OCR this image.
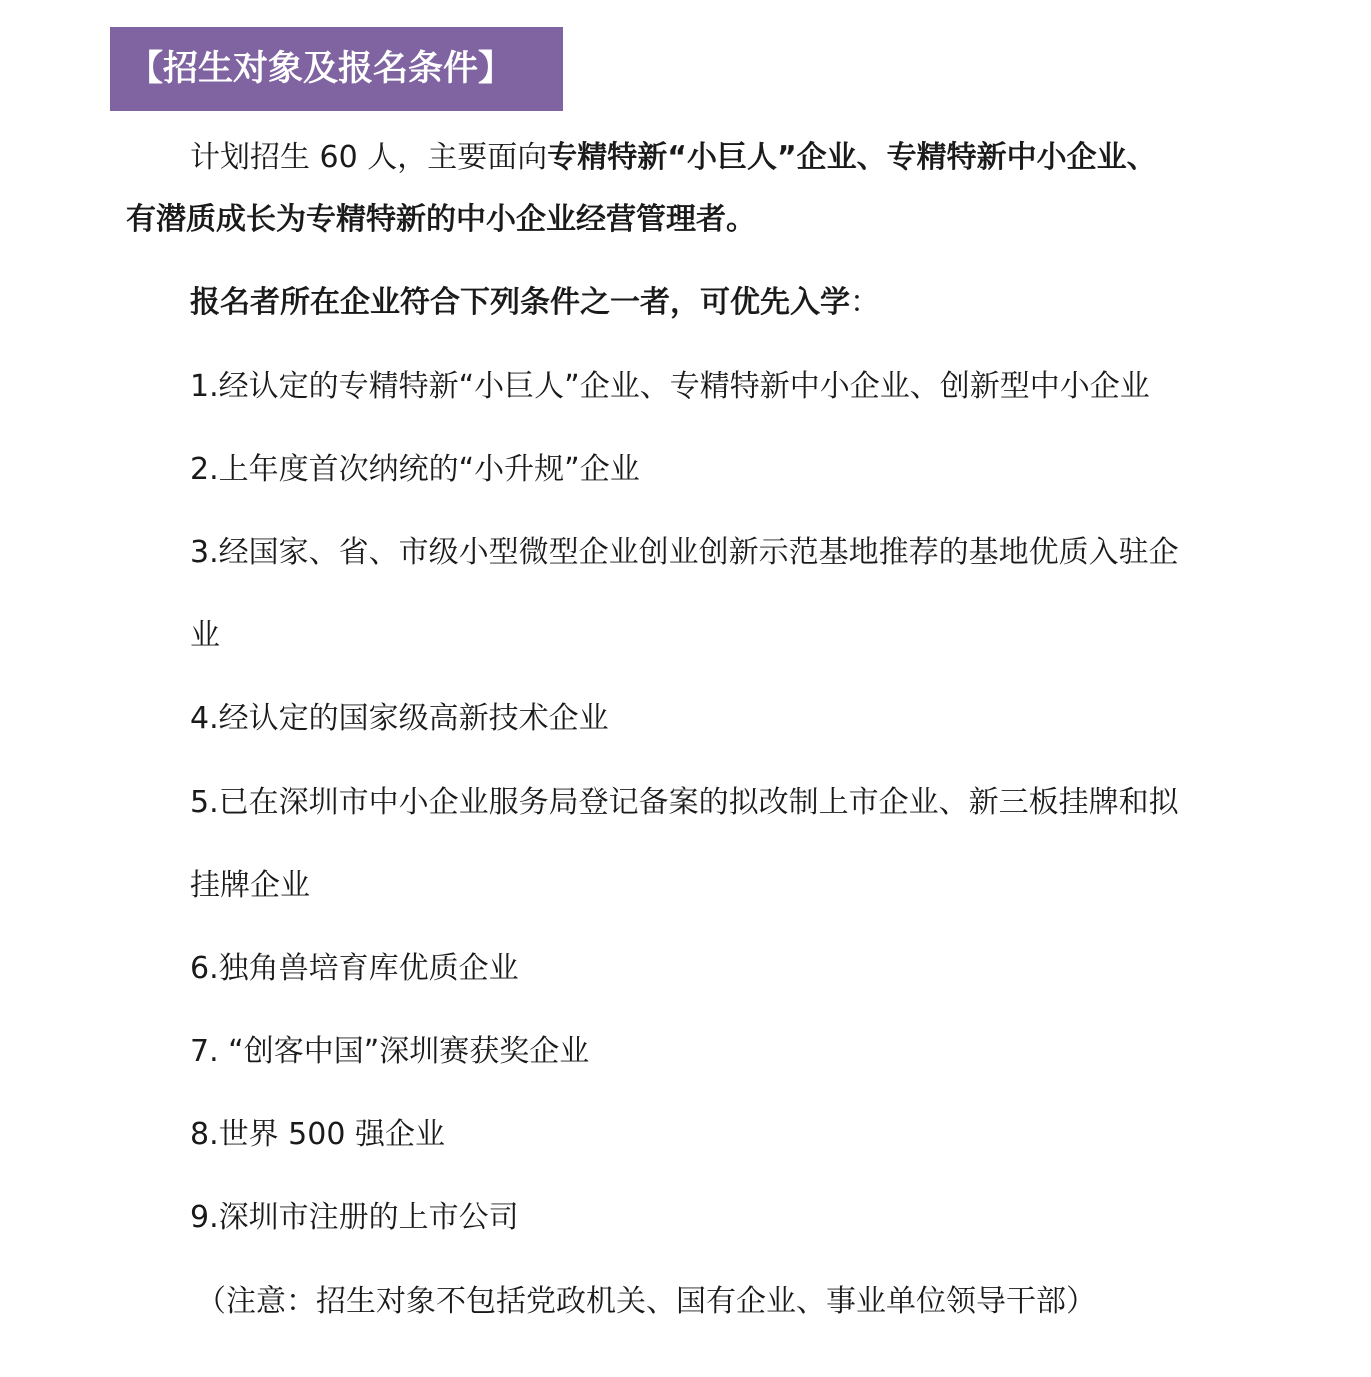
【招生对象及报名条件】
计划招生 60 人，主要面向专精特新“小巨人”企业、专精特新中小企业、
有潜质成长为专精特新的中小企业经营管理者。
报名者所在企业符合下列条件之一者，可优先入学：
1.经认定的专精特新“小巨人”企业、专精特新中小企业、创新型中小企业
2.上年度首次纳统的“小升规”企业
3.经国家、省、市级小型微型企业创业创新示范基地推荐的基地优质入驻企
业
4.经认定的国家级高新技术企业
5.已在深圳市中小企业服务局登记备案的拟改制上市企业、新三板挂牌和拟
挂牌企业
6.独角兽培育库优质企业
7. “创客中国”深圳赛获奖企业
8.世界 500 强企业
9.深圳市注册的上市公司
（注意：招生对象不包括党政机关、国有企业、事业单位领导干部）
